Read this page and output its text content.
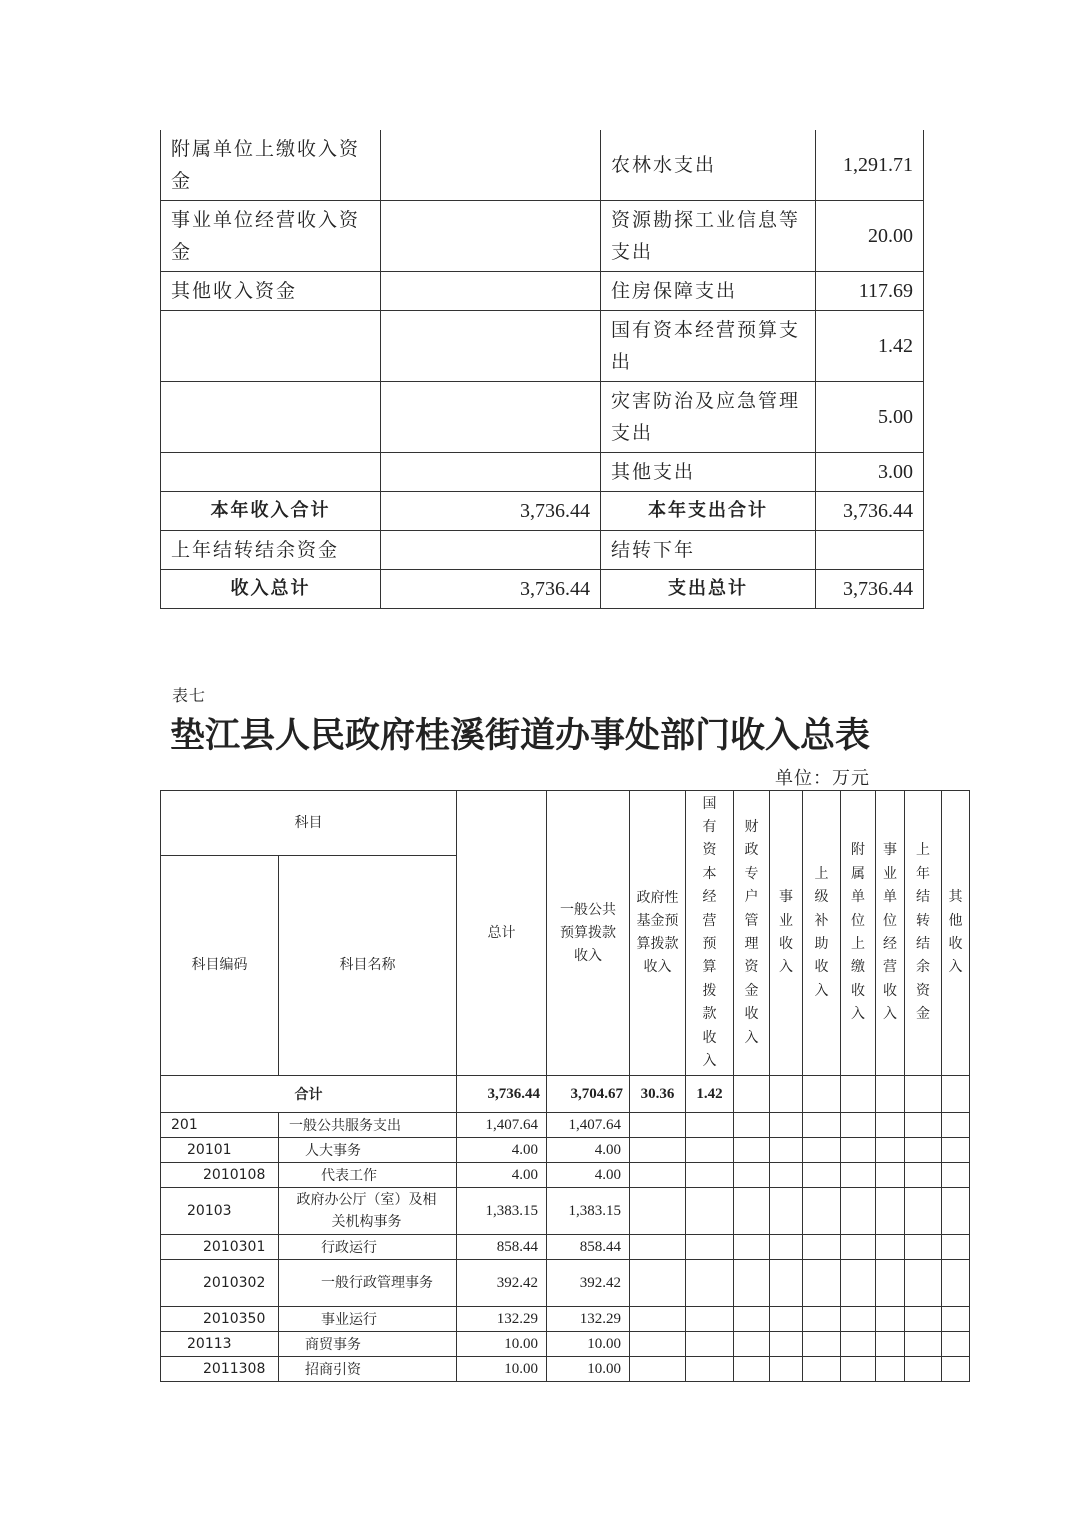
附属单位上缴收入资金		农林水支出	1,291.71
事业单位经营收入资金		资源勘探工业信息等支出	20.00
其他收入资金		住房保障支出	117.69
		国有资本经营预算支出	1.42
		灾害防治及应急管理支出	5.00
		其他支出	3.00
本年收入合计	3,736.44	本年支出合计	3,736.44
上年结转结余资金		结转下年	
收入总计	3,736.44	支出总计	3,736.44
表七
垫江县人民政府桂溪街道办事处部门收入总表
单位：万元
科目		总计	一般公共预算拨款收入	政府性基金预算拨款收入	国有资本经营预算拨款收入	财政专户管理资金收入	事业收入	上级补助收入	附属单位上缴收入	事业单位经营收入	上年结转结余资金	其他收入
科目编码	科目名称											
合计		3,736.44	3,704.67	30.36	1.42							
201	一般公共服务支出	1,407.64	1,407.64									
20101	人大事务	4.00	4.00									
2010108	代表工作	4.00	4.00									
20103	政府办公厅（室）及相关机构事务	1,383.15	1,383.15									
2010301	行政运行	858.44	858.44									
2010302	一般行政管理事务	392.42	392.42									
2010350	事业运行	132.29	132.29									
20113	商贸事务	10.00	10.00									
2011308	招商引资	10.00	10.00									
